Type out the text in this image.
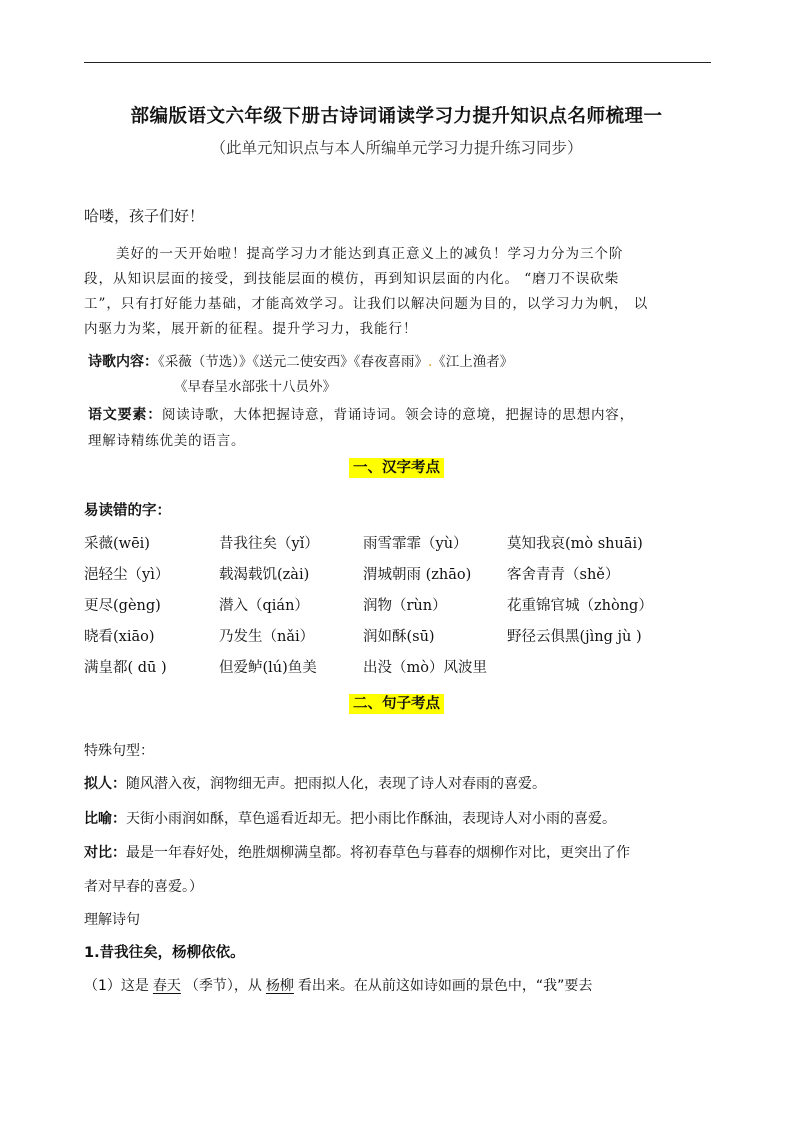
部编版语文六年级下册古诗词诵读学习力提升知识点名师梳理一
（此单元知识点与本人所编单元学习力提升练习同步）
哈喽，孩子们好！
美好的一天开始啦！提高学习力才能达到真正意义上的减负！学习力分为三个阶
段，从知识层面的接受，到技能层面的模仿，再到知识层面的内化。 “磨刀不误砍柴
工”，只有打好能力基础，才能高效学习。让我们以解决问题为目的，以学习力为帆， 以
内驱力为桨，展开新的征程。提升学习力，我能行！
诗歌内容：《采薇（节选）》《送元二使安西》《春夜喜雨》.《江上渔者》
《早春呈水部张十八员外》
语文要素：阅读诗歌，大体把握诗意，背诵诗词。领会诗的意境，把握诗的思想内容，
理解诗精练优美的语言。
一、汉字考点
易读错的字：
采薇(wēi)	昔我往矣（yǐ）	雨雪霏霏（yù）	莫知我哀(mò shuāi)
浥轻尘（yì）	载渴载饥(zài)	渭城朝雨 (zhāo) 客舍青青（shě）
更尽(gèng)	潜入（qián）	润物（rùn）	花重锦官城（zhòng）
晓看(xiāo)	乃发生（nǎi）	润如酥(sū)	野径云俱黑(jìng jù )
满皇都( dū )	但爱鲈(lú)鱼美	出没（mò）风波里
二、句子考点
特殊句型：
拟人：随风潜入夜，润物细无声。把雨拟人化，表现了诗人对春雨的喜爱。
比喻：天街小雨润如酥，草色遥看近却无。把小雨比作酥油，表现诗人对小雨的喜爱。
对比：最是一年春好处，绝胜烟柳满皇都。将初春草色与暮春的烟柳作对比，更突出了作
者对早春的喜爱。）
理解诗句
1.昔我往矣，杨柳依依。
（1）这是 春天 （季节），从 杨柳 看出来。在从前这如诗如画的景色中，“我”要去
